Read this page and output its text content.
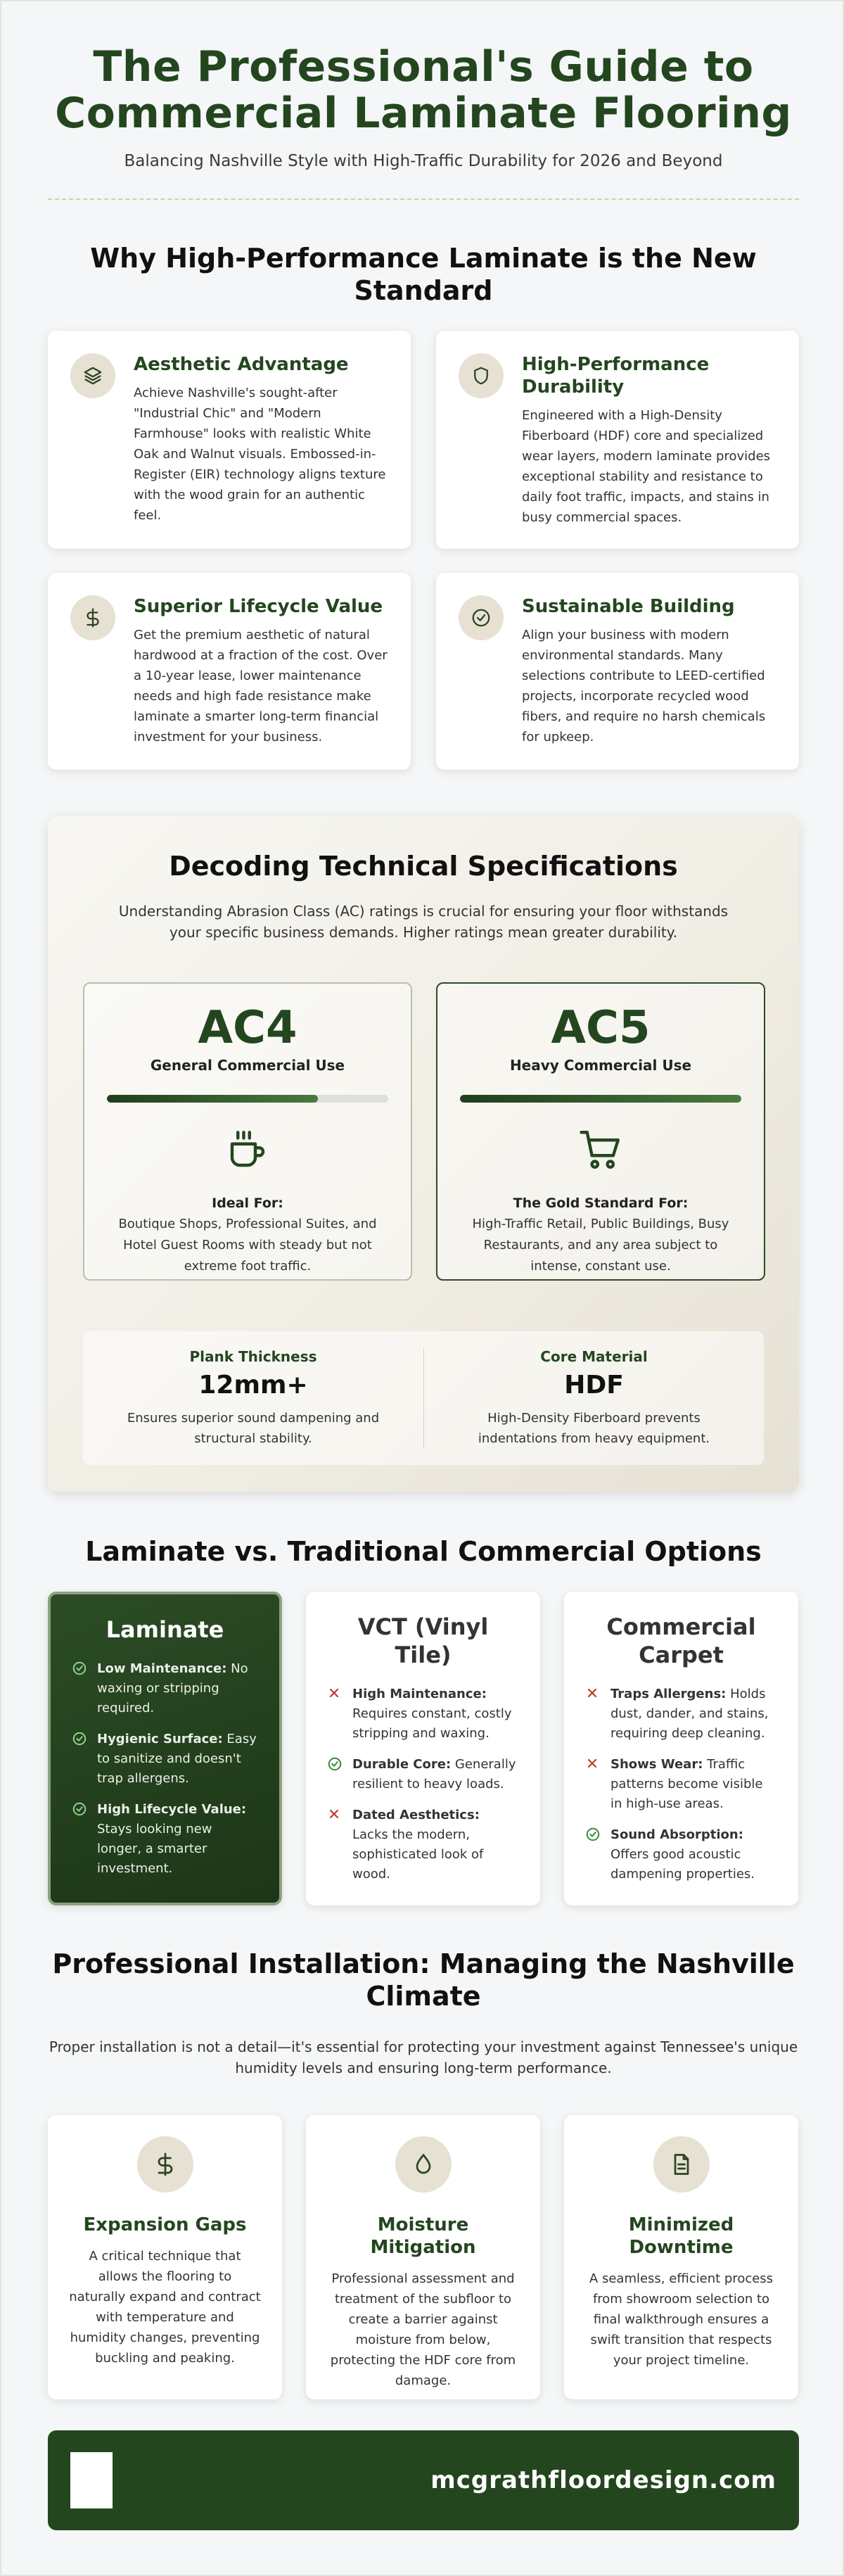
The Professional's Guide to
Commercial Laminate Flooring

Balancing Nashville Style with High-Traffic Durability for 2026 and Beyond

Why High-Performance Laminate is the New Standard
Aesthetic Advantage

Achieve Nashville's sought-after "Industrial Chic" and "Modern Farmhouse" looks with realistic White Oak and Walnut visuals. Embossed-in-Register (EIR) technology aligns texture with the wood grain for an authentic feel.

High-Performance Durability

Engineered with a High-Density Fiberboard (HDF) core and specialized wear layers, modern laminate provides exceptional stability and resistance to daily foot traffic, impacts, and stains in busy commercial spaces.

Superior Lifecycle Value

Get the premium aesthetic of natural hardwood at a fraction of the cost. Over a 10-year lease, lower maintenance needs and high fade resistance make laminate a smarter long-term financial investment for your business.

Sustainable Building

Align your business with modern environmental standards. Many selections contribute to LEED-certified projects, incorporate recycled wood fibers, and require no harsh chemicals for upkeep.

Decoding Technical Specifications

Understanding Abrasion Class (AC) ratings is crucial for ensuring your floor withstands your specific business demands. Higher ratings mean greater durability.

AC4
General Commercial Use
Ideal For:
Boutique Shops, Professional Suites, and Hotel Guest Rooms with steady but not extreme foot traffic.
AC5
Heavy Commercial Use
The Gold Standard For:
High-Traffic Retail, Public Buildings, Busy Restaurants, and any area subject to intense, constant use.
Plank Thickness
12mm+
Ensures superior sound dampening and structural stability.
Core Material
HDF
High-Density Fiberboard prevents indentations from heavy equipment.
Laminate vs. Traditional Commercial Options
Laminate
Low Maintenance: No waxing or stripping required.
Hygienic Surface: Easy to sanitize and doesn't trap allergens.
High Lifecycle Value: Stays looking new longer, a smarter investment.
VCT (Vinyl Tile)
High Maintenance: Requires constant, costly stripping and waxing.
Durable Core: Generally resilient to heavy loads.
Dated Aesthetics: Lacks the modern, sophisticated look of wood.
Commercial Carpet
Traps Allergens: Holds dust, dander, and stains, requiring deep cleaning.
Shows Wear: Traffic patterns become visible in high-use areas.
Sound Absorption: Offers good acoustic dampening properties.
Professional Installation: Managing the Nashville Climate

Proper installation is not a detail—it's essential for protecting your investment against Tennessee's unique humidity levels and ensuring long-term performance.

Expansion Gaps

A critical technique that allows the flooring to naturally expand and contract with temperature and humidity changes, preventing buckling and peaking.

Moisture Mitigation

Professional assessment and treatment of the subfloor to create a barrier against moisture from below, protecting the HDF core from damage.

Minimized Downtime

A seamless, efficient process from showroom selection to final walkthrough ensures a swift transition that respects your project timeline.

mcgrathfloordesign.com
